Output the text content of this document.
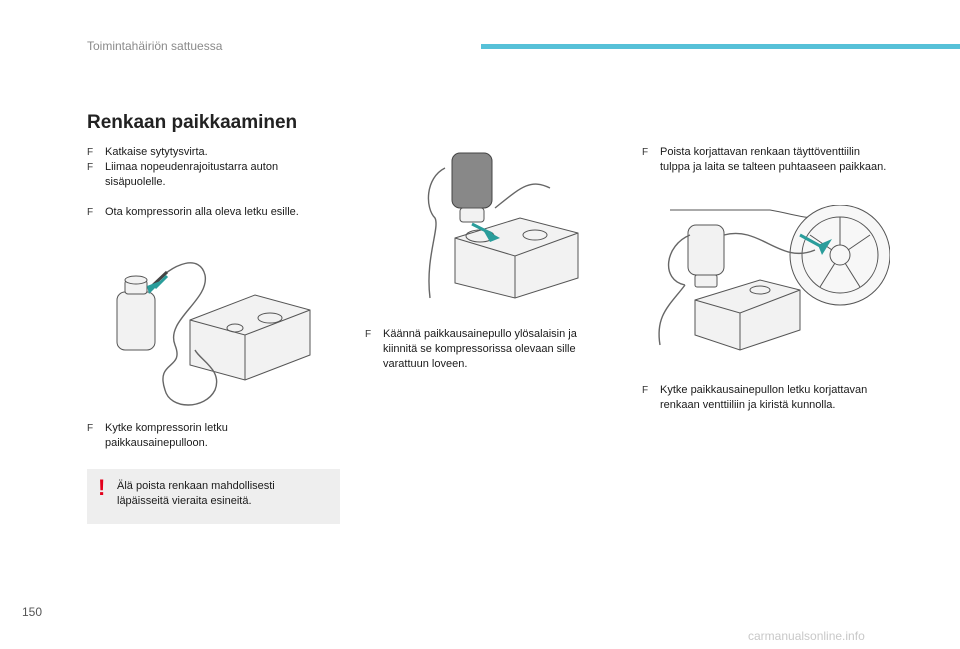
Toimintahäiriön sattuessa
Renkaan paikkaaminen
F	Katkaise sytytysvirta.
F	Liimaa nopeudenrajoitustarra auton sisäpuolelle.
F	Ota kompressorin alla oleva letku esille.
F	Kytke kompressorin letku paikkausainepulloon.
! Älä poista renkaan mahdollisesti läpäisseitä vieraita esineitä.
F	Käännä paikkausainepullo ylösalaisin ja kiinnitä se kompressorissa olevaan sille varattuun loveen.
F	Poista korjattavan renkaan täyttöventtiilin tulppa ja laita se talteen puhtaaseen paikkaan.
F	Kytke paikkausainepullon letku korjattavan renkaan venttiiliin ja kiristä kunnolla.
150
carmanualsonline.info
